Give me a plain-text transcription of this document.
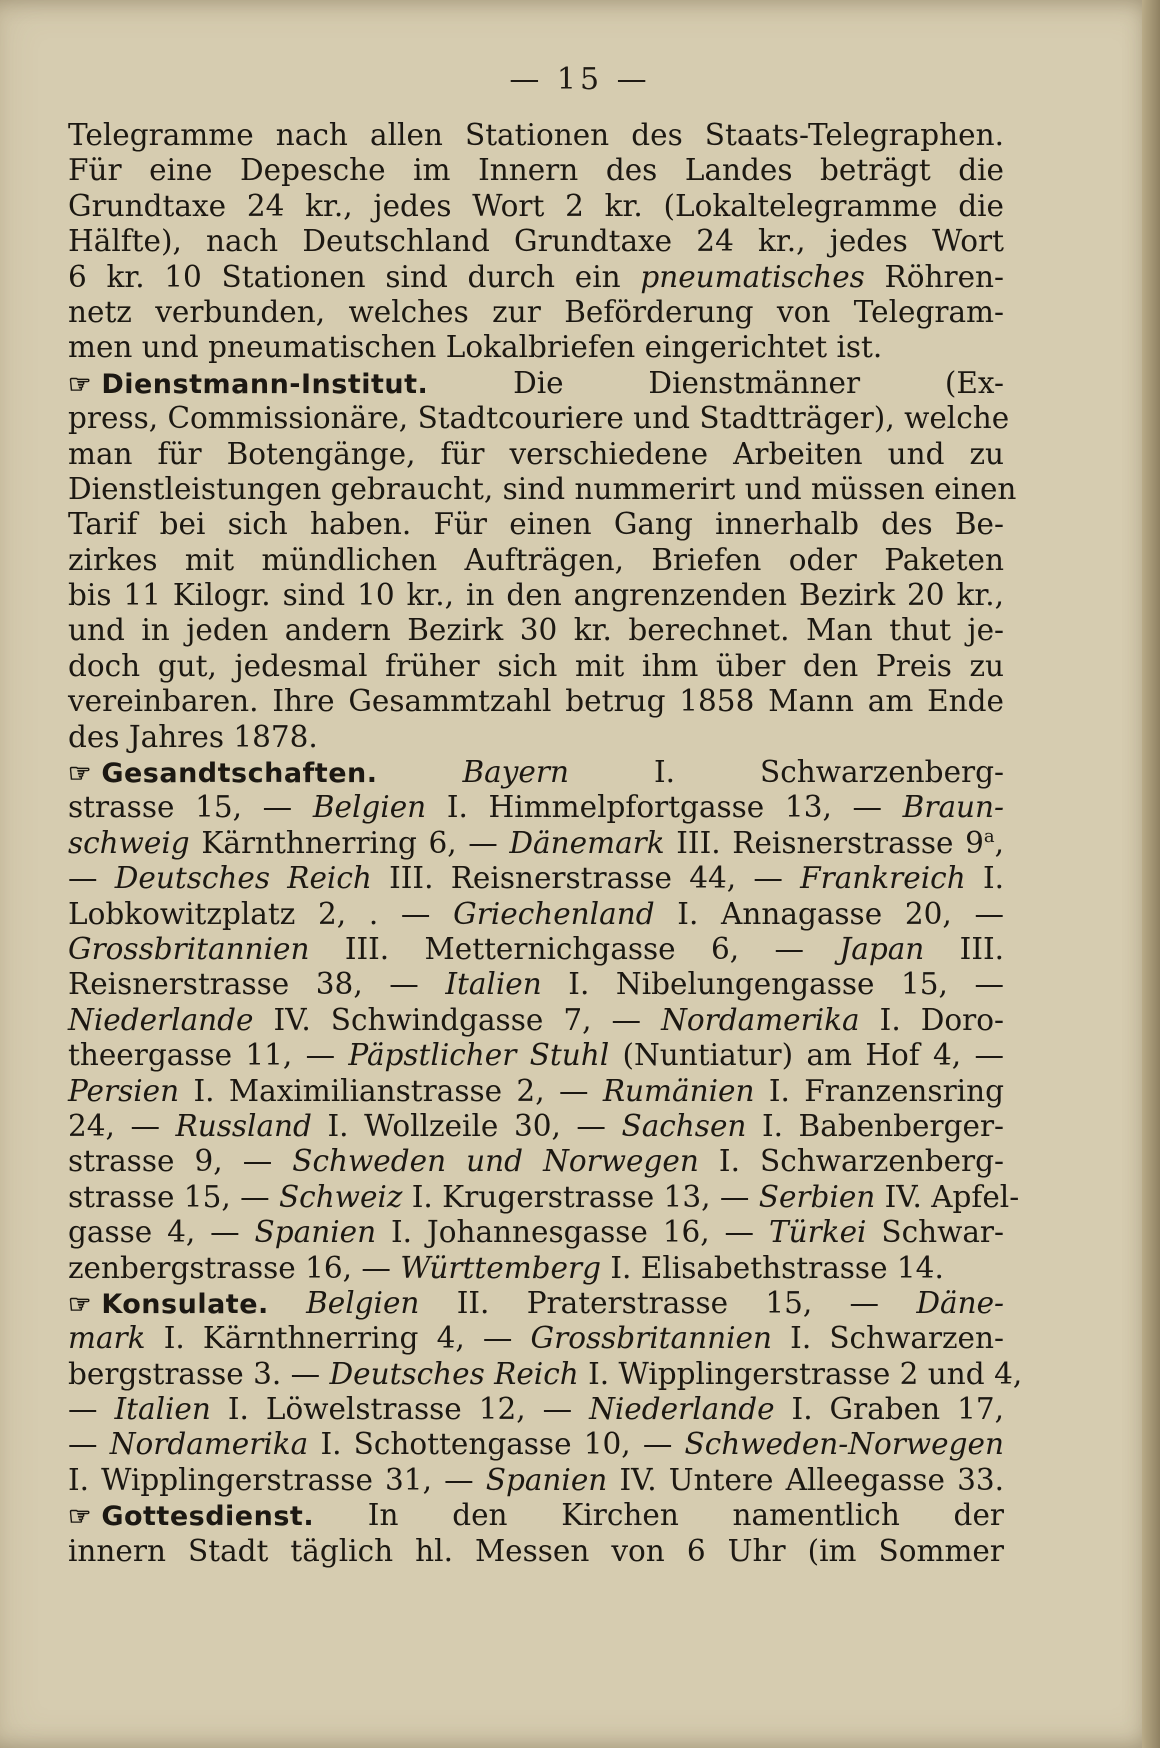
— 15 —
Telegramme nach allen Stationen des Staats-Telegraphen.
Für eine Depesche im Innern des Landes beträgt die
Grundtaxe 24 kr., jedes Wort 2 kr. (Lokaltelegramme die
Hälfte), nach Deutschland Grundtaxe 24 kr., jedes Wort
6 kr. 10 Stationen sind durch ein pneumatisches Röhren-
netz verbunden, welches zur Beförderung von Telegram-
men und pneumatischen Lokalbriefen eingerichtet ist.
☞ Dienstmann-Institut. Die Dienstmänner (Ex-
press, Commissionäre, Stadtcouriere und Stadtträger), welche
man für Botengänge, für verschiedene Arbeiten und zu
Dienstleistungen gebraucht, sind nummerirt und müssen einen
Tarif bei sich haben. Für einen Gang innerhalb des Be-
zirkes mit mündlichen Aufträgen, Briefen oder Paketen
bis 11 Kilogr. sind 10 kr., in den angrenzenden Bezirk 20 kr.,
und in jeden andern Bezirk 30 kr. berechnet. Man thut je-
doch gut, jedesmal früher sich mit ihm über den Preis zu
vereinbaren. Ihre Gesammtzahl betrug 1858 Mann am Ende
des Jahres 1878.
☞ Gesandtschaften.	Bayern I. Schwarzenberg-
strasse 15, — Belgien I. Himmelpfortgasse 13, — Braun-
schweig Kärnthnerring 6, — Dänemark III. Reisnerstrasse 9$^a$,
— Deutsches Reich III. Reisnerstrasse 44, — Frankreich I.
Lobkowitzplatz 2, . — Griechenland I. Annagasse 20, —
Grossbritannien III. Metternichgasse 6, — Japan III.
Reisnerstrasse 38, — Italien I. Nibelungengasse 15, —
Niederlande IV. Schwindgasse 7, — Nordamerika I. Doro-
theergasse 11, — Päpstlicher Stuhl (Nuntiatur) am Hof 4, —
Persien I. Maximilianstrasse 2, — Rumänien I. Franzensring
24, — Russland I. Wollzeile 30, — Sachsen I. Babenberger-
strasse 9, — Schweden und Norwegen I. Schwarzenberg-
strasse 15, — Schweiz I. Krugerstrasse 13, — Serbien IV. Apfel-
gasse 4, — Spanien I. Johannesgasse 16, — Türkei Schwar-
zenbergstrasse 16, — Württemberg I. Elisabethstrasse 14.
☞ Konsulate. Belgien II. Praterstrasse 15, — Däne-
mark I. Kärnthnerring 4, — Grossbritannien I. Schwarzen-
bergstrasse 3. — Deutsches Reich I. Wipplingerstrasse 2 und 4,
— Italien I. Löwelstrasse 12, — Niederlande I. Graben 17,
— Nordamerika I. Schottengasse 10, — Schweden-Norwegen
I. Wipplingerstrasse 31, — Spanien IV. Untere Alleegasse 33.
☞ Gottesdienst. In den Kirchen namentlich der
innern Stadt täglich hl. Messen von 6 Uhr (im Sommer
